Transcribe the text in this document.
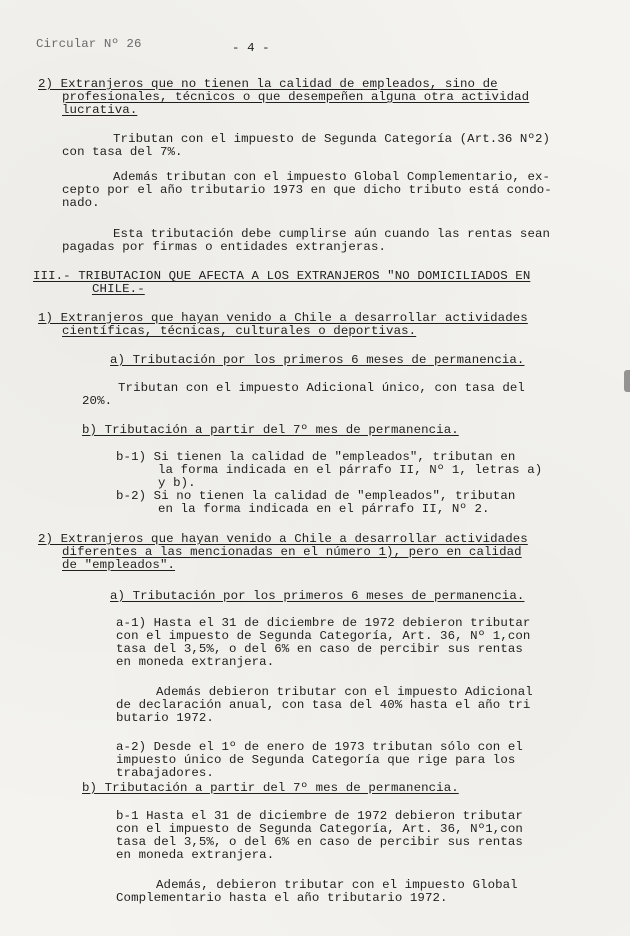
Circular Nº 26	- 4 -
2) Extranjeros que no tienen la calidad de empleados, sino de
profesionales, técnicos o que desempeñen alguna otra actividad
lucrativa.
Tributan con el impuesto de Segunda Categoría (Art.36 Nº2)
con tasa del 7%.
Además tributan con el impuesto Global Complementario, ex-
cepto por el año tributario 1973 en que dicho tributo está condo-
nado.
Esta tributación debe cumplirse aún cuando las rentas sean
pagadas por firmas o entidades extranjeras.
III.- TRIBUTACION QUE AFECTA A LOS EXTRANJEROS "NO DOMICILIADOS EN
CHILE.-
1) Extranjeros que hayan venido a Chile a desarrollar actividades
científicas, técnicas, culturales o deportivas.
a) Tributación por los primeros 6 meses de permanencia.
Tributan con el impuesto Adicional único, con tasa del
20%.
b) Tributación a partir del 7º mes de permanencia.
b-1) Si tienen la calidad de "empleados", tributan en
la forma indicada en el párrafo II, Nº 1, letras a)
y b).
b-2) Si no tienen la calidad de "empleados", tributan
en la forma indicada en el párrafo II, Nº 2.
2) Extranjeros que hayan venido a Chile a desarrollar actividades
diferentes a las mencionadas en el número 1), pero en calidad
de "empleados".
a) Tributación por los primeros 6 meses de permanencia.
a-1) Hasta el 31 de diciembre de 1972 debieron tributar
con el impuesto de Segunda Categoría, Art. 36, Nº 1,con
tasa del 3,5%, o del 6% en caso de percibir sus rentas
en moneda extranjera.
Además debieron tributar con el impuesto Adicional
de declaración anual, con tasa del 40% hasta el año tri
butario 1972.
a-2) Desde el 1º de enero de 1973 tributan sólo con el
impuesto único de Segunda Categoría que rige para los
trabajadores.
b) Tributación a partir del 7º mes de permanencia.
b-1 Hasta el 31 de diciembre de 1972 debieron tributar
con el impuesto de Segunda Categoría, Art. 36, Nº1,con
tasa del 3,5%, o del 6% en caso de percibir sus rentas
en moneda extranjera.
Además, debieron tributar con el impuesto Global
Complementario hasta el año tributario 1972.
